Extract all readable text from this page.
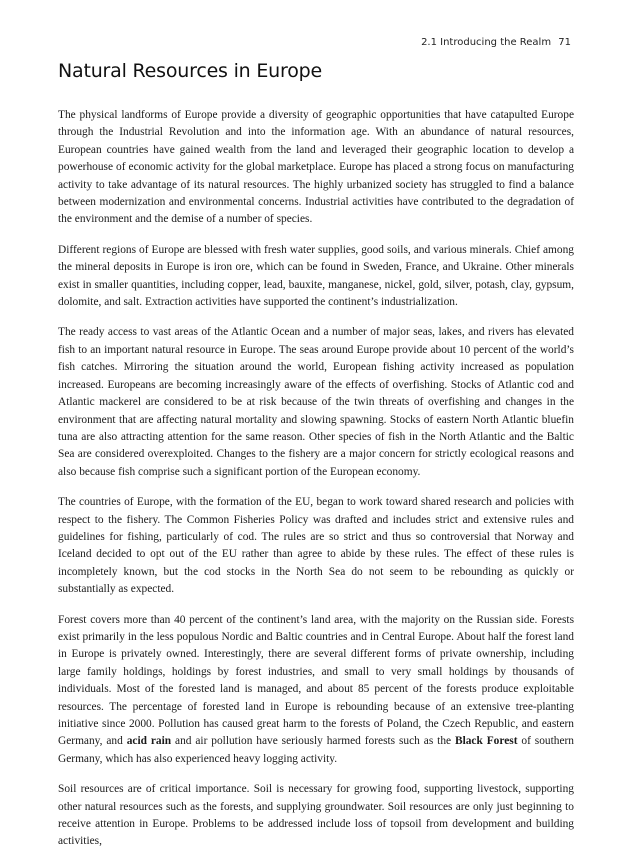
2.1 Introducing the Realm 71
Natural Resources in Europe

The physical landforms of Europe provide a diversity of geographic opportunities that have catapulted Europe through the Industrial Revolution and into the information age. With an abundance of natural resources, European countries have gained wealth from the land and leveraged their geographic location to develop a powerhouse of economic activity for the global marketplace. Europe has placed a strong focus on manufacturing activity to take advantage of its natural resources. The highly urbanized society has struggled to find a balance between modernization and environmental concerns. Industrial activities have contributed to the degradation of the environment and the demise of a number of species.

Different regions of Europe are blessed with fresh water supplies, good soils, and various minerals. Chief among the mineral deposits in Europe is iron ore, which can be found in Sweden, France, and Ukraine. Other minerals exist in smaller quantities, including copper, lead, bauxite, manganese, nickel, gold, silver, potash, clay, gypsum, dolomite, and salt. Extraction activities have supported the continent’s industrialization.

The ready access to vast areas of the Atlantic Ocean and a number of major seas, lakes, and rivers has elevated fish to an important natural resource in Europe. The seas around Europe provide about 10 percent of the world’s fish catches. Mirroring the situation around the world, European fishing activity increased as population increased. Europeans are becoming increasingly aware of the effects of overfishing. Stocks of Atlantic cod and Atlantic mackerel are considered to be at risk because of the twin threats of overfishing and changes in the environment that are affecting natural mortality and slowing spawning. Stocks of eastern North Atlantic bluefin tuna are also attracting attention for the same reason. Other species of fish in the North Atlantic and the Baltic Sea are considered overexploited. Changes to the fishery are a major concern for strictly ecological reasons and also because fish comprise such a significant portion of the European economy.

The countries of Europe, with the formation of the EU, began to work toward shared research and policies with respect to the fishery. The Common Fisheries Policy was drafted and includes strict and extensive rules and guidelines for fishing, particularly of cod. The rules are so strict and thus so controversial that Norway and Iceland decided to opt out of the EU rather than agree to abide by these rules. The effect of these rules is incompletely known, but the cod stocks in the North Sea do not seem to be rebounding as quickly or substantially as expected.

Forest covers more than 40 percent of the continent’s land area, with the majority on the Russian side. Forests exist primarily in the less populous Nordic and Baltic countries and in Central Europe. About half the forest land in Europe is privately owned. Interestingly, there are several different forms of private ownership, including large family holdings, holdings by forest industries, and small to very small holdings by thousands of individuals. Most of the forested land is managed, and about 85 percent of the forests produce exploitable resources. The percentage of forested land in Europe is rebounding because of an extensive tree-planting initiative since 2000. Pollution has caused great harm to the forests of Poland, the Czech Republic, and eastern Germany, and acid rain and air pollution have seriously harmed forests such as the Black Forest of southern Germany, which has also experienced heavy logging activity.

Soil resources are of critical importance. Soil is necessary for growing food, supporting livestock, supporting other natural resources such as the forests, and supplying groundwater. Soil resources are only just beginning to receive attention in Europe. Problems to be addressed include loss of topsoil from development and building activities,
